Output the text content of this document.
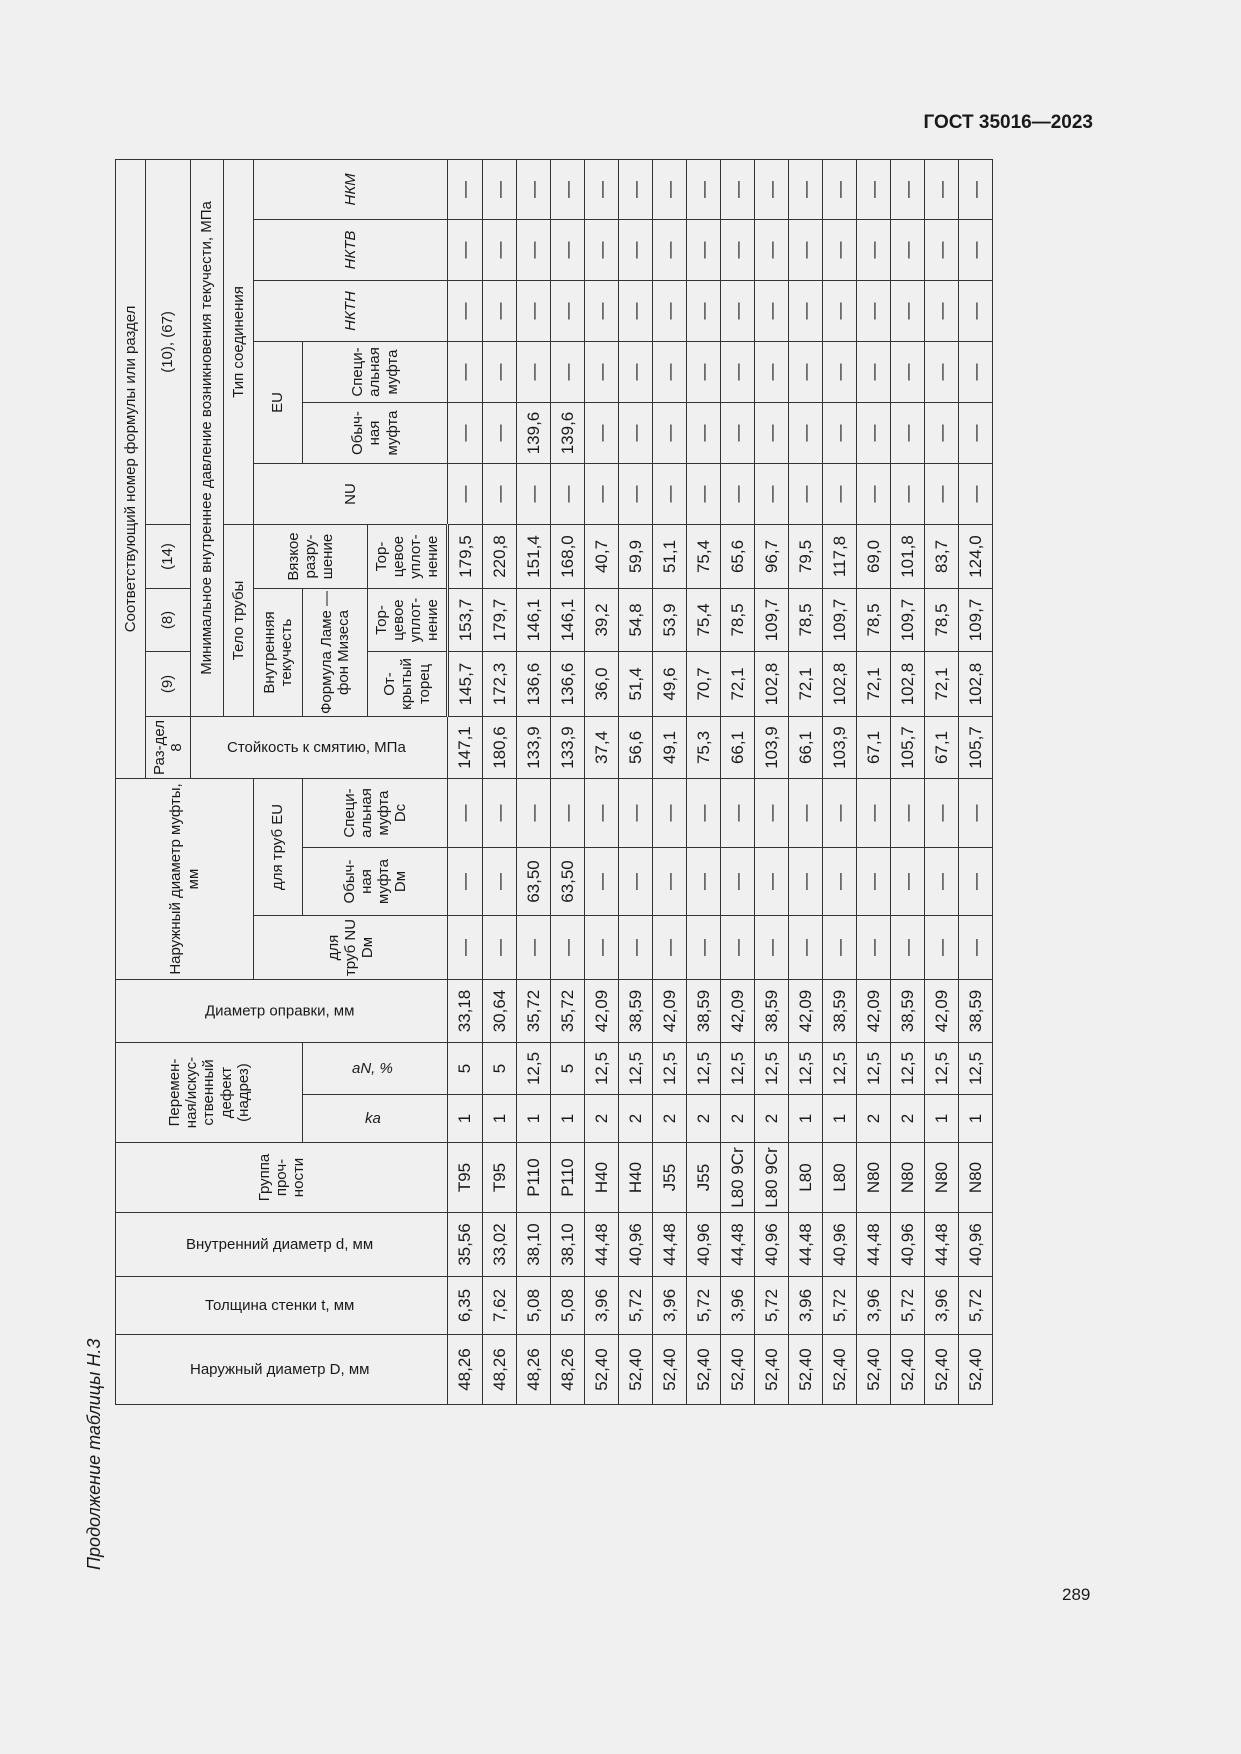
ГОСТ 35016—2023
Продолжение таблицы Н.3	Наружный диаметр D, мм	Толщина стенки t, мм	Внутренний диаметр d, мм	Группа проч-ности	Перемен-ная/искус-ственный дефект (надрез)		Диаметр оправки, мм	Наружный диаметр муфты, мм			Соответствующий номер формулы или раздел									
										Раз-дел 8	(9)	(8)	(14)	(10), (67)					
										Стойкость к смятию, МПа	Минимальное внутреннее давление возникновения текучести, МПа								
											Тело трубы			Тип соединения					
							для труб NU Dм	для труб EU			Внутренняя текучесть		Вязкое разру-шение	NU	EU		НКТН	НКТВ	НКМ
				ka	aN, %			Обыч-ная муфта Dм	Специ-альная муфта Dc		Формула Ламе — фон Мизеса				Обыч-ная муфта	Специ-альная муфта			
											От-крытый торец	Тор-цевое уплот-нение	Тор-цевое уплот-нение						
48,26	6,35	35,56	T95	1	5	33,18	—	—	—	147,1	145,7	153,7	179,5	—	—	—	—	—	—
48,26	7,62	33,02	T95	1	5	30,64	—	—	—	180,6	172,3	179,7	220,8	—	—	—	—	—	—
48,26	5,08	38,10	P110	1	12,5	35,72	—	63,50	—	133,9	136,6	146,1	151,4	—	139,6	—	—	—	—
48,26	5,08	38,10	P110	1	5	35,72	—	63,50	—	133,9	136,6	146,1	168,0	—	139,6	—	—	—	—
52,40	3,96	44,48	H40	2	12,5	42,09	—	—	—	37,4	36,0	39,2	40,7	—	—	—	—	—	—
52,40	5,72	40,96	H40	2	12,5	38,59	—	—	—	56,6	51,4	54,8	59,9	—	—	—	—	—	—
52,40	3,96	44,48	J55	2	12,5	42,09	—	—	—	49,1	49,6	53,9	51,1	—	—	—	—	—	—
52,40	5,72	40,96	J55	2	12,5	38,59	—	—	—	75,3	70,7	75,4	75,4	—	—	—	—	—	—
52,40	3,96	44,48	L80 9Cr	2	12,5	42,09	—	—	—	66,1	72,1	78,5	65,6	—	—	—	—	—	—
52,40	5,72	40,96	L80 9Cr	2	12,5	38,59	—	—	—	103,9	102,8	109,7	96,7	—	—	—	—	—	—
52,40	3,96	44,48	L80	1	12,5	42,09	—	—	—	66,1	72,1	78,5	79,5	—	—	—	—	—	—
52,40	5,72	40,96	L80	1	12,5	38,59	—	—	—	103,9	102,8	109,7	117,8	—	—	—	—	—	—
52,40	3,96	44,48	N80	2	12,5	42,09	—	—	—	67,1	72,1	78,5	69,0	—	—	—	—	—	—
52,40	5,72	40,96	N80	2	12,5	38,59	—	—	—	105,7	102,8	109,7	101,8	—	—	—	—	—	—
52,40	3,96	44,48	N80	1	12,5	42,09	—	—	—	67,1	72,1	78,5	83,7	—	—	—	—	—	—
52,40	5,72	40,96	N80	1	12,5	38,59	—	—	—	105,7	102,8	109,7	124,0	—	—	—	—	—	—
289
